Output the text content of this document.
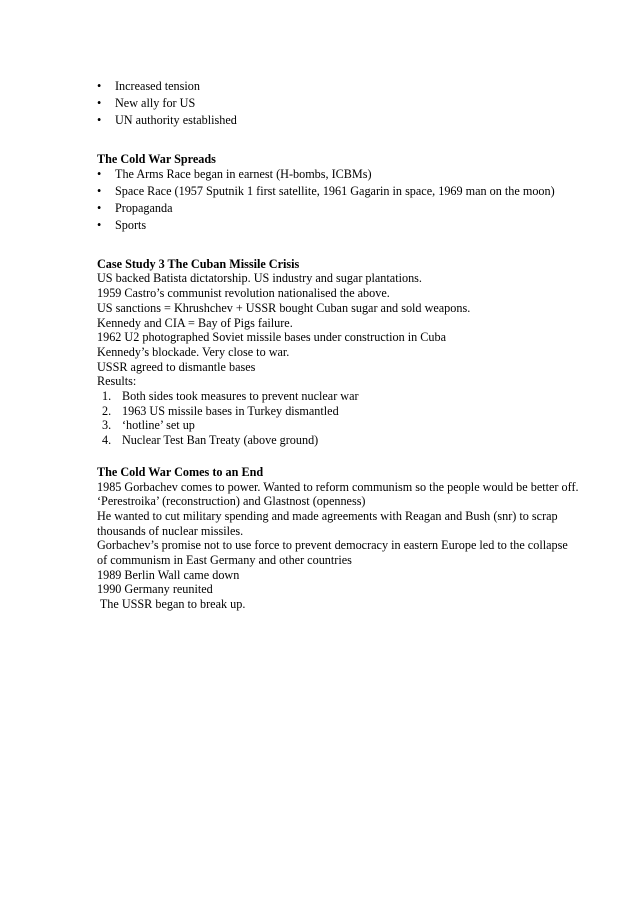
• Increased tension
• New ally for US
• UN authority established

The Cold War Spreads

• The Arms Race began in earnest (H-bombs, ICBMs)
• Space Race (1957 Sputnik 1 first satellite, 1961 Gagarin in space, 1969 man on the moon)
• Propaganda
• Sports

Case Study 3 The Cuban Missile Crisis

US backed Batista dictatorship. US industry and sugar plantations.

1959 Castro’s communist revolution nationalised the above.

US sanctions = Khrushchev + USSR bought Cuban sugar and sold weapons.

Kennedy and CIA = Bay of Pigs failure.

1962 U2 photographed Soviet missile bases under construction in Cuba

Kennedy’s blockade. Very close to war.

USSR agreed to dismantle bases

Results:

1. Both sides took measures to prevent nuclear war
2. 1963 US missile bases in Turkey dismantled
3. ‘hotline’ set up
4. Nuclear Test Ban Treaty (above ground)

The Cold War Comes to an End

1985 Gorbachev comes to power. Wanted to reform communism so the people would be better off.

‘Perestroika’ (reconstruction) and Glastnost (openness)

He wanted to cut military spending and made agreements with Reagan and Bush (snr) to scrap

thousands of nuclear missiles.

Gorbachev’s promise not to use force to prevent democracy in eastern Europe led to the collapse

of communism in East Germany and other countries

1989 Berlin Wall came down

1990 Germany reunited

The USSR began to break up.
